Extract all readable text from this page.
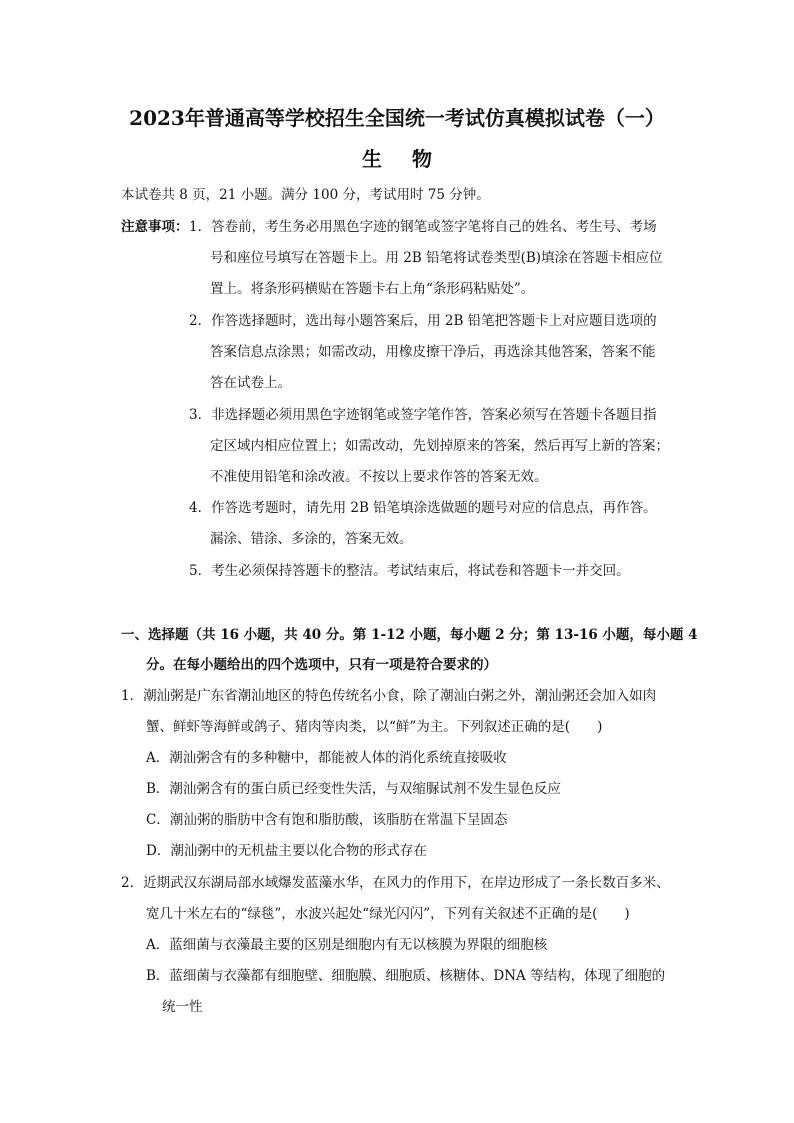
2023年普通高等学校招生全国统一考试仿真模拟试卷（一）
生物
本试卷共 8 页，21 小题。满分 100 分，考试用时 75 分钟。
注意事项： 1．答卷前，考生务必用黑色字迹的钢笔或签字笔将自己的姓名、考生号、考场
号和座位号填写在答题卡上。用 2B 铅笔将试卷类型(B)填涂在答题卡相应位
置上。将条形码横贴在答题卡右上角“条形码粘贴处”。
2．作答选择题时，选出每小题答案后，用 2B 铅笔把答题卡上对应题目选项的
答案信息点涂黑；如需改动，用橡皮擦干净后，再选涂其他答案，答案不能
答在试卷上。
3．非选择题必须用黑色字迹钢笔或签字笔作答，答案必须写在答题卡各题目指
定区域内相应位置上；如需改动，先划掉原来的答案，然后再写上新的答案；
不准使用铅笔和涂改液。不按以上要求作答的答案无效。
4．作答选考题时，请先用 2B 铅笔填涂选做题的题号对应的信息点，再作答。
漏涂、错涂、多涂的，答案无效。
5．考生必须保持答题卡的整洁。考试结束后，将试卷和答题卡一并交回。
一、选择题（共 16 小题，共 40 分。第 1-12 小题，每小题 2 分；第 13-16 小题，每小题 4
分。在每小题给出的四个选项中，只有一项是符合要求的）
1．潮汕粥是广东省潮汕地区的特色传统名小食，除了潮汕白粥之外，潮汕粥还会加入如肉
蟹、鲜虾等海鲜或鸽子、猪肉等肉类，以“鲜”为主。下列叙述正确的是(　　)
A．潮汕粥含有的多种糖中，都能被人体的消化系统直接吸收
B．潮汕粥含有的蛋白质已经变性失活，与双缩脲试剂不发生显色反应
C．潮汕粥的脂肪中含有饱和脂肪酸，该脂肪在常温下呈固态
D．潮汕粥中的无机盐主要以化合物的形式存在
2．近期武汉东湖局部水域爆发蓝藻水华，在风力的作用下，在岸边形成了一条长数百多米、
宽几十米左右的“绿毯”，水波兴起处“绿光闪闪”，下列有关叙述不正确的是(　　)
A．蓝细菌与衣藻最主要的区别是细胞内有无以核膜为界限的细胞核
B．蓝细菌与衣藻都有细胞壁、细胞膜、细胞质、核糖体、DNA 等结构，体现了细胞的
统一性
